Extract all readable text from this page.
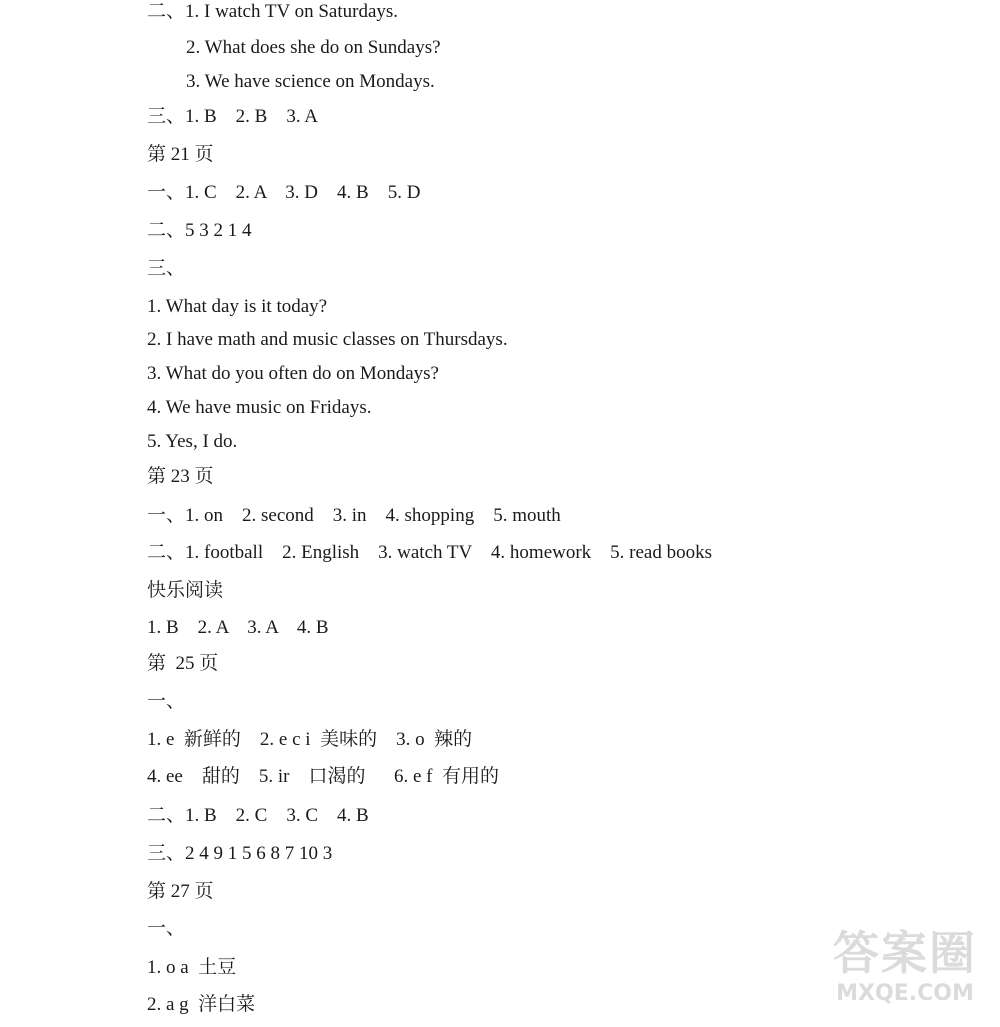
二、1. I watch TV on Saturdays.
2. What does she do on Sundays?
3. We have science on Mondays.
三、1. B    2. B    3. A
第 21 页
一、1. C    2. A    3. D    4. B    5. D
二、5 3 2 1 4
三、
1. What day is it today?
2. I have math and music classes on Thursdays.
3. What do you often do on Mondays?
4. We have music on Fridays.
5. Yes, I do.
第 23 页
一、1. on    2. second    3. in    4. shopping    5. mouth
二、1. football    2. English    3. watch TV    4. homework    5. read books
快乐阅读
1. B    2. A    3. A    4. B
第  25 页
一、
1. e  新鲜的    2. e c i  美味的    3. o  辣的
4. ee    甜的    5. ir    口渴的      6. e f  有用的
二、1. B    2. C    3. C    4. B
三、2 4 9 1 5 6 8 7 10 3
第 27 页
一、
1. o a  土豆
2. a g  洋白菜
答案圈
MXQE.COM
